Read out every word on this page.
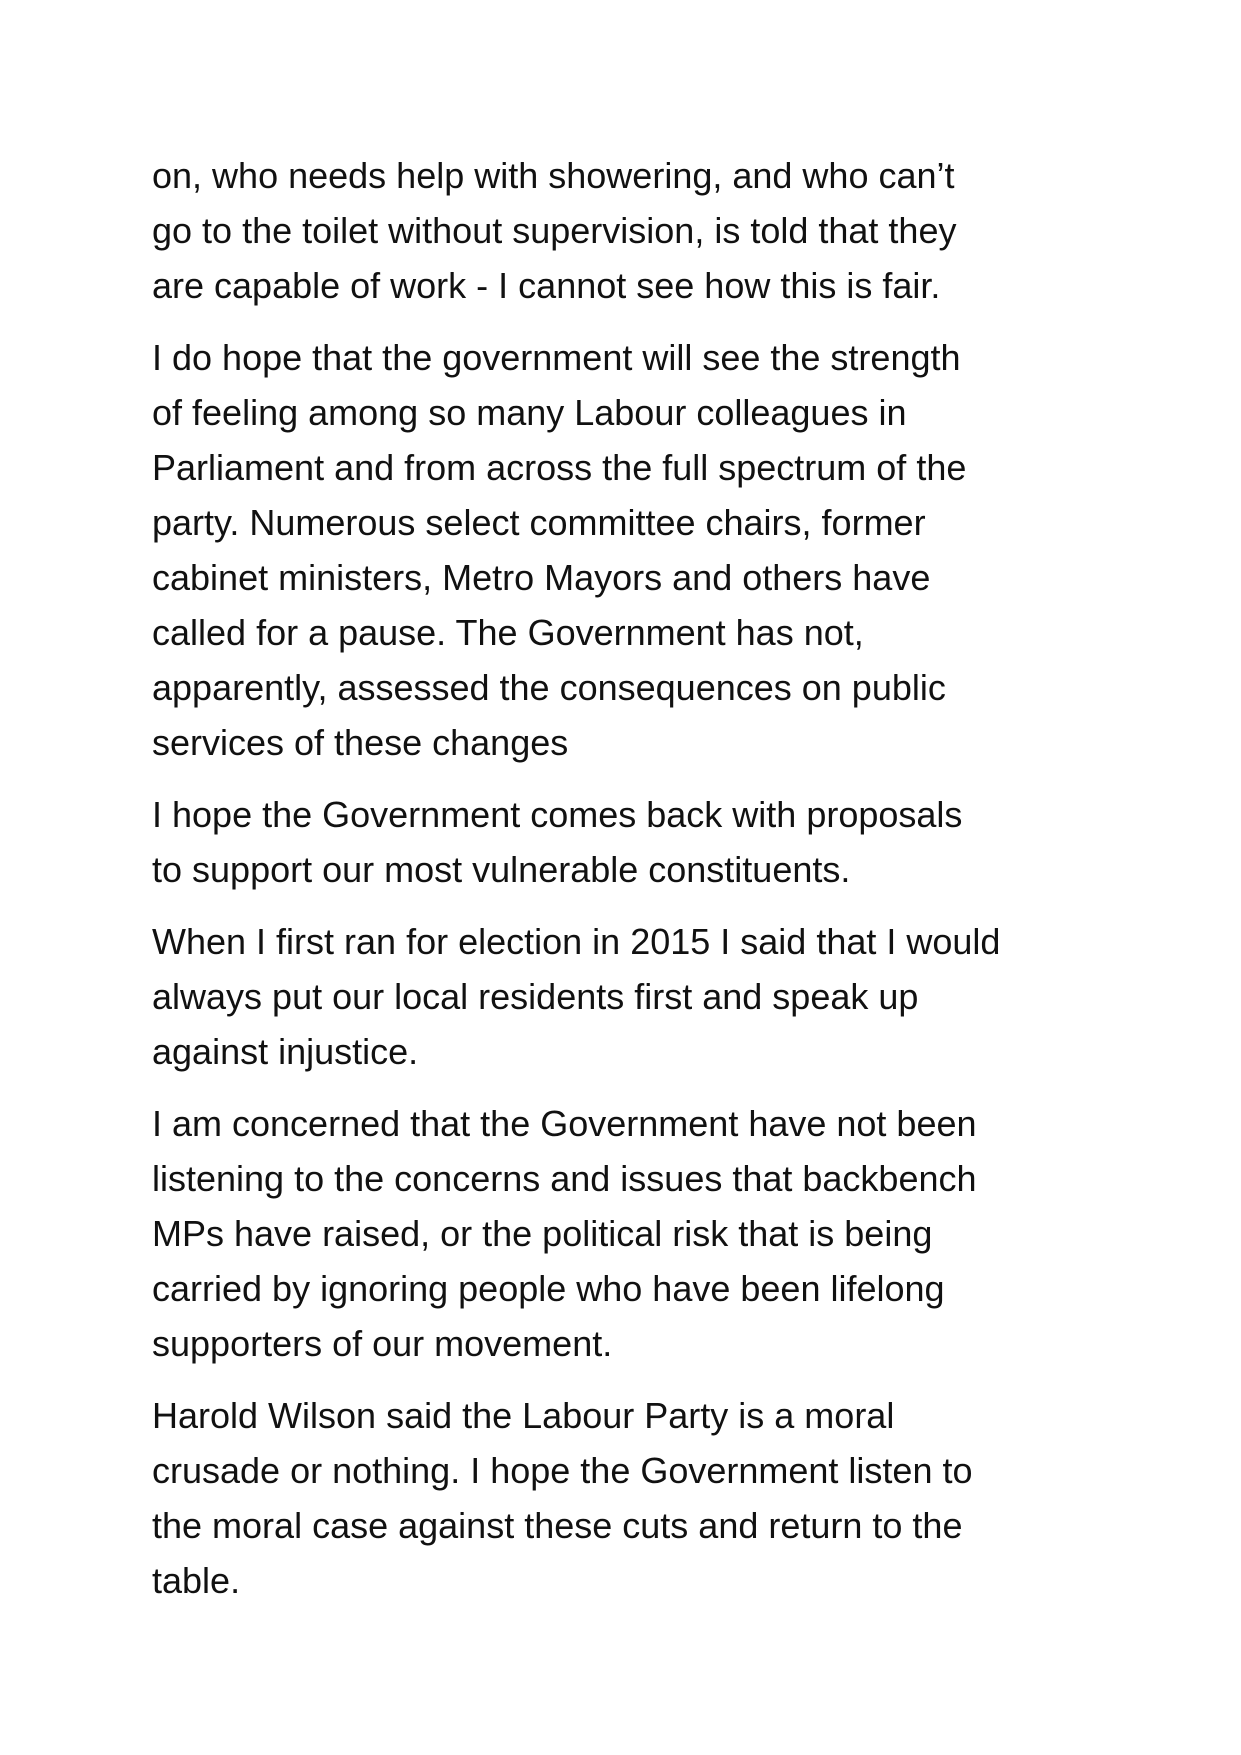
on, who needs help with showering, and who can’t
go to the toilet without supervision, is told that they
are capable of work - I cannot see how this is fair.

I do hope that the government will see the strength
of feeling among so many Labour colleagues in
Parliament and from across the full spectrum of the
party. Numerous select committee chairs, former
cabinet ministers, Metro Mayors and others have
called for a pause. The Government has not,
apparently, assessed the consequences on public
services of these changes

I hope the Government comes back with proposals
to support our most vulnerable constituents.

When I first ran for election in 2015 I said that I would
always put our local residents first and speak up
against injustice.

I am concerned that the Government have not been
listening to the concerns and issues that backbench
MPs have raised, or the political risk that is being
carried by ignoring people who have been lifelong
supporters of our movement.

Harold Wilson said the Labour Party is a moral
crusade or nothing. I hope the Government listen to
the moral case against these cuts and return to the
table.
